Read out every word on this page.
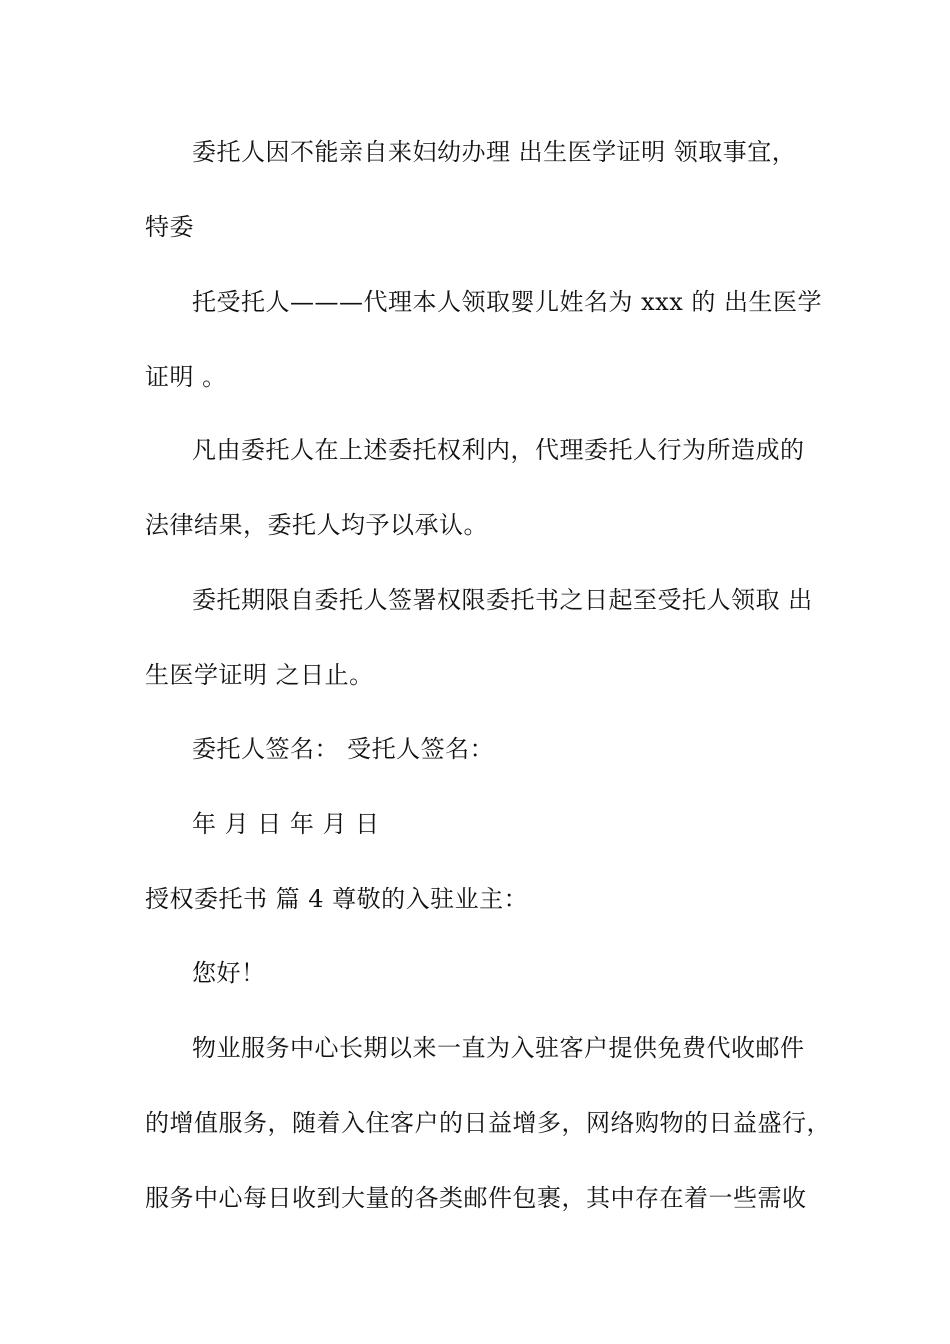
委托人因不能亲自来妇幼办理 出生医学证明 领取事宜，
特委
托受托人———代理本人领取婴儿姓名为 xxx 的 出生医学
证明 。
凡由委托人在上述委托权利内，代理委托人行为所造成的
法律结果，委托人均予以承认。
委托期限自委托人签署权限委托书之日起至受托人领取 出
生医学证明 之日止。
委托人签名： 受托人签名：
年 月 日 年 月 日
授权委托书 篇 4 尊敬的入驻业主：
您好！
物业服务中心长期以来一直为入驻客户提供免费代收邮件
的增值服务，随着入住客户的日益增多，网络购物的日益盛行，
服务中心每日收到大量的各类邮件包裹，其中存在着一些需收
